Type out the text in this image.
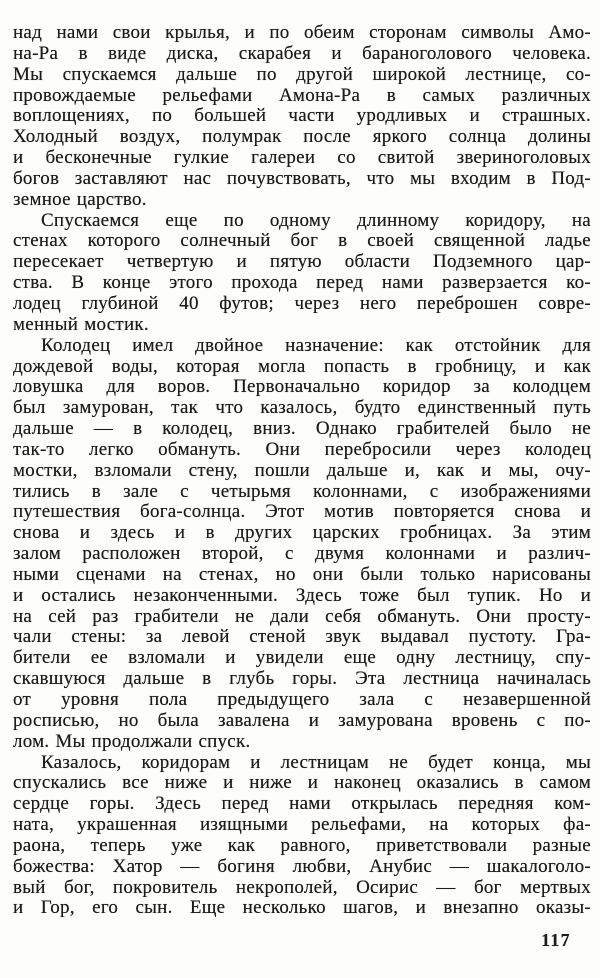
над нами свои крылья, и по обеим сторонам символы Амо-
на-Ра в виде диска, скарабея и бараноголового человека.
Мы спускаемся дальше по другой широкой лестнице, со-
провождаемые рельефами Амона-Ра в самых различных
воплощениях, по большей части уродливых и страшных.
Холодный воздух, полумрак после яркого солнца долины
и бесконечные гулкие галереи со свитой звериноголовых
богов заставляют нас почувствовать, что мы входим в Под-
земное царство.
Спускаемся еще по одному длинному коридору, на
стенах которого солнечный бог в своей священной ладье
пересекает четвертую и пятую области Подземного цар-
ства. В конце этого прохода перед нами разверзается ко-
лодец глубиной 40 футов; через него переброшен совре-
менный мостик.
Колодец имел двойное назначение: как отстойник для
дождевой воды, которая могла попасть в гробницу, и как
ловушка для воров. Первоначально коридор за колодцем
был замурован, так что казалось, будто единственный путь
дальше — в колодец, вниз. Однако грабителей было не
так-то легко обмануть. Они перебросили через колодец
мостки, взломали стену, пошли дальше и, как и мы, очу-
тились в зале с четырьмя колоннами, с изображениями
путешествия бога-солнца. Этот мотив повторяется снова и
снова и здесь и в других царских гробницах. За этим
залом расположен второй, с двумя колоннами и различ-
ными сценами на стенах, но они были только нарисованы
и остались незаконченными. Здесь тоже был тупик. Но и
на сей раз грабители не дали себя обмануть. Они просту-
чали стены: за левой стеной звук выдавал пустоту. Гра-
бители ее взломали и увидели еще одну лестницу, спу-
скавшуюся дальше в глубь горы. Эта лестница начиналась
от уровня пола предыдущего зала с незавершенной
росписью, но была завалена и замурована вровень с по-
лом. Мы продолжали спуск.
Казалось, коридорам и лестницам не будет конца, мы
спускались все ниже и ниже и наконец оказались в самом
сердце горы. Здесь перед нами открылась передняя ком-
ната, украшенная изящными рельефами, на которых фа-
раона, теперь уже как равного, приветствовали разные
божества: Хатор — богиня любви, Анубис — шакалоголо-
вый бог, покровитель некрополей, Осирис — бог мертвых
и Гор, его сын. Еще несколько шагов, и внезапно оказы-
117
